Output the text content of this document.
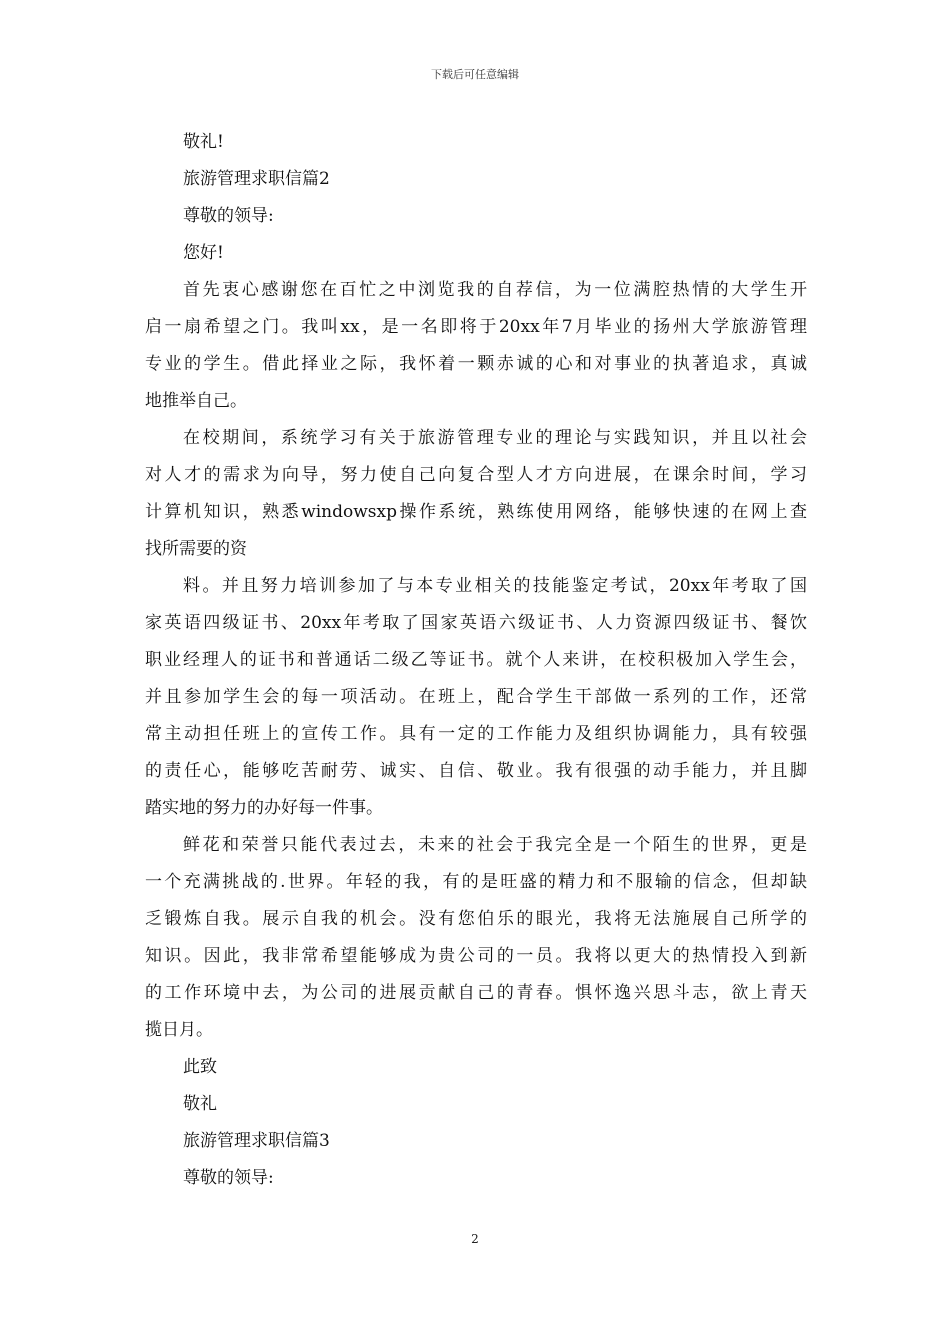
下载后可任意编辑

敬礼!

旅游管理求职信篇2

尊敬的领导:

您好!

首先衷心感谢您在百忙之中浏览我的自荐信，为一位满腔热情的大学生开
启一扇希望之门。我叫xx，是一名即将于20xx年7月毕业的扬州大学旅游管理
专业的学生。借此择业之际，我怀着一颗赤诚的心和对事业的执著追求，真诚
地推举自己。
在校期间，系统学习有关于旅游管理专业的理论与实践知识，并且以社会
对人才的需求为向导，努力使自己向复合型人才方向进展，在课余时间，学习
计算机知识，熟悉windowsxp操作系统，熟练使用网络，能够快速的在网上查
找所需要的资
料。并且努力培训参加了与本专业相关的技能鉴定考试，20xx年考取了国
家英语四级证书、20xx年考取了国家英语六级证书、人力资源四级证书、餐饮
职业经理人的证书和普通话二级乙等证书。就个人来讲，在校积极加入学生会，
并且参加学生会的每一项活动。在班上，配合学生干部做一系列的工作，还常
常主动担任班上的宣传工作。具有一定的工作能力及组织协调能力，具有较强
的责任心，能够吃苦耐劳、诚实、自信、敬业。我有很强的动手能力，并且脚
踏实地的努力的办好每一件事。
鲜花和荣誉只能代表过去，未来的社会于我完全是一个陌生的世界，更是
一个充满挑战的.世界。年轻的我，有的是旺盛的精力和不服输的信念，但却缺
乏锻炼自我。展示自我的机会。没有您伯乐的眼光，我将无法施展自己所学的
知识。因此，我非常希望能够成为贵公司的一员。我将以更大的热情投入到新
的工作环境中去，为公司的进展贡献自己的青春。惧怀逸兴思斗志，欲上青天
揽日月。

此致

敬礼

旅游管理求职信篇3

尊敬的领导:

2
